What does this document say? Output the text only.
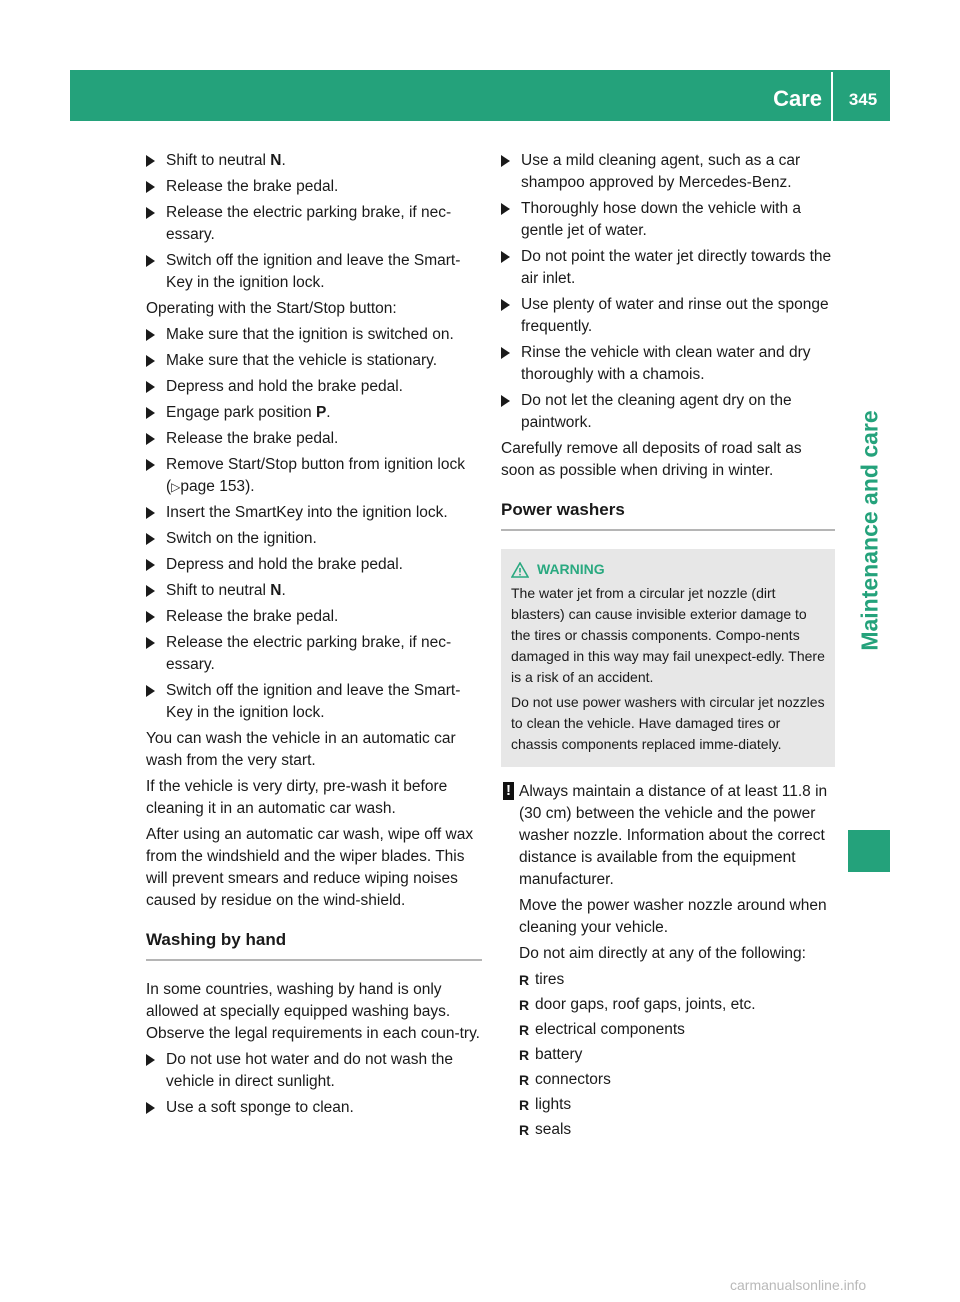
Care	345
Maintenance and care
Shift to neutral N.
Release the brake pedal.
Release the electric parking brake, if nec-essary.
Switch off the ignition and leave the Smart-Key in the ignition lock.

Operating with the Start/Stop button:

Make sure that the ignition is switched on.
Make sure that the vehicle is stationary.
Depress and hold the brake pedal.
Engage park position P.
Release the brake pedal.
Remove Start/Stop button from ignition lock (▷page 153).
Insert the SmartKey into the ignition lock.
Switch on the ignition.
Depress and hold the brake pedal.
Shift to neutral N.
Release the brake pedal.
Release the electric parking brake, if nec-essary.
Switch off the ignition and leave the Smart-Key in the ignition lock.

You can wash the vehicle in an automatic car wash from the very start.

If the vehicle is very dirty, pre-wash it before cleaning it in an automatic car wash.

After using an automatic car wash, wipe off wax from the windshield and the wiper blades. This will prevent smears and reduce wiping noises caused by residue on the wind-shield.

Washing by hand

In some countries, washing by hand is only allowed at specially equipped washing bays. Observe the legal requirements in each coun-try.

Do not use hot water and do not wash the vehicle in direct sunlight.
Use a soft sponge to clean.
Use a mild cleaning agent, such as a car shampoo approved by Mercedes-Benz.
Thoroughly hose down the vehicle with a gentle jet of water.
Do not point the water jet directly towards the air inlet.
Use plenty of water and rinse out the sponge frequently.
Rinse the vehicle with clean water and dry thoroughly with a chamois.
Do not let the cleaning agent dry on the paintwork.

Carefully remove all deposits of road salt as soon as possible when driving in winter.

Power washers
WARNING

The water jet from a circular jet nozzle (dirt blasters) can cause invisible exterior damage to the tires or chassis components. Compo-nents damaged in this way may fail unexpect-edly. There is a risk of an accident.

Do not use power washers with circular jet nozzles to clean the vehicle. Have damaged tires or chassis components replaced imme-diately.

! Always maintain a distance of at least 11.8 in (30 cm) between the vehicle and the power washer nozzle. Information about the correct distance is available from the equipment manufacturer.

Move the power washer nozzle around when cleaning your vehicle.

Do not aim directly at any of the following:

R tires
R door gaps, roof gaps, joints, etc.
R electrical components
R battery
R connectors
R lights
R seals
carmanualsonline.info
